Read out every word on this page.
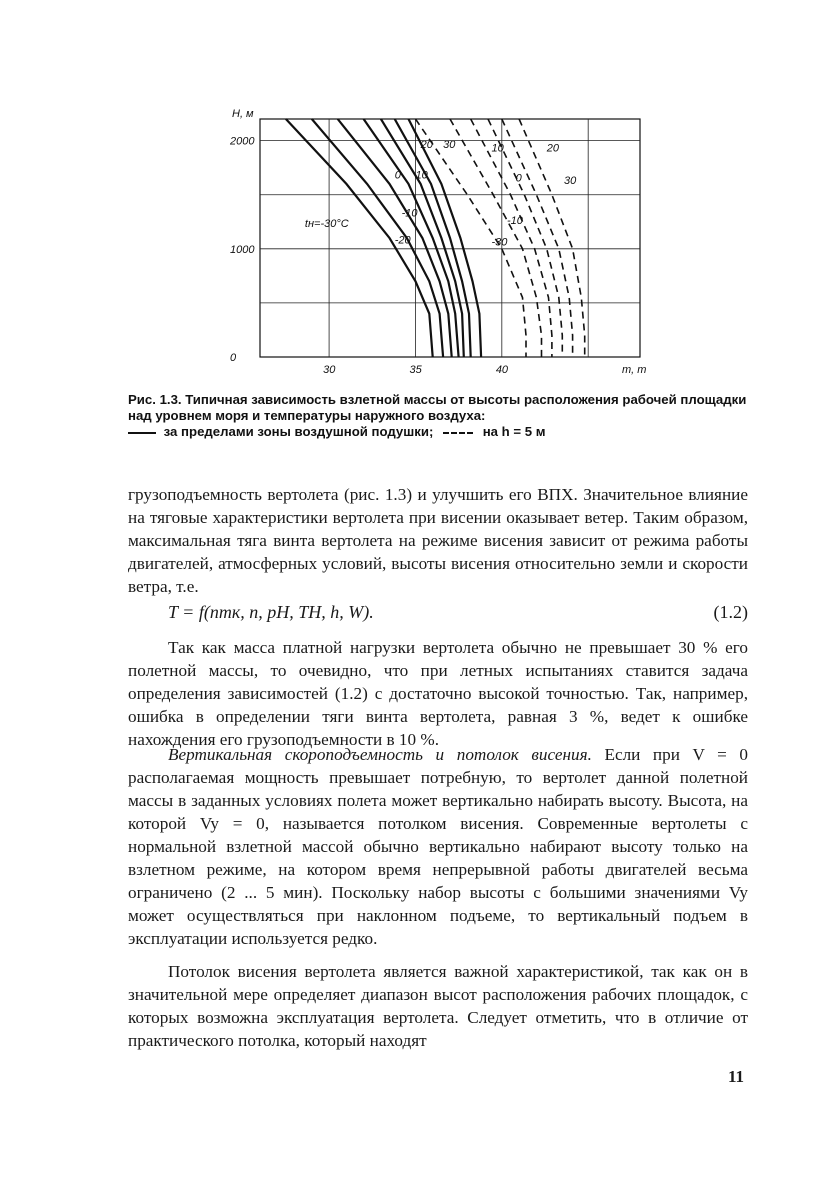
30	35	40
0
1000
2000
H, м
m, т
tн=-30°C
20 30
0 10
-10
-20
10	20
30
0
-10
-30
Рис. 1.3. Типичная зависимость взлетной массы от высоты расположения рабочей площадки над уровнем моря и температуры наружного воздуха:
за пределами зоны воздушной подушки;	на h = 5 м

грузоподъемность вертолета (рис. 1.3) и улучшить его ВПХ. Значительное влияние на тяговые характеристики вертолета при висении оказывает ветер. Таким образом, максимальная тяга винта вертолета на режиме висения зависит от режима работы двигателей, атмосферных условий, высоты висения относительно земли и скорости ветра, т.е.

T = f(nтк, n, pH, TH, h, W).	(1.2)

Так как масса платной нагрузки вертолета обычно не превышает 30 % его полетной массы, то очевидно, что при летных испытаниях ставится задача определения зависимостей (1.2) с достаточно высокой точностью. Так, например, ошибка в определении тяги винта вертолета, равная 3 %, ведет к ошибке нахождения его грузоподъемности в 10 %.

Вертикальная скороподъемность и потолок висения. Если при V = 0 располагаемая мощность превышает потребную, то вертолет данной полетной массы в заданных условиях полета может вертикально набирать высоту. Высота, на которой Vy = 0, называется потолком висения. Современные вертолеты с нормальной взлетной массой обычно вертикально набирают высоту только на взлетном режиме, на котором время непрерывной работы двигателей весьма ограничено (2 ... 5 мин). Поскольку набор высоты с большими значениями Vy может осуществляться при наклонном подъеме, то вертикальный подъем в эксплуатации используется редко.

Потолок висения вертолета является важной характеристикой, так как он в значительной мере определяет диапазон высот расположения рабочих площадок, с которых возможна эксплуатация вертолета. Следует отметить, что в отличие от практического потолка, который находят

11
